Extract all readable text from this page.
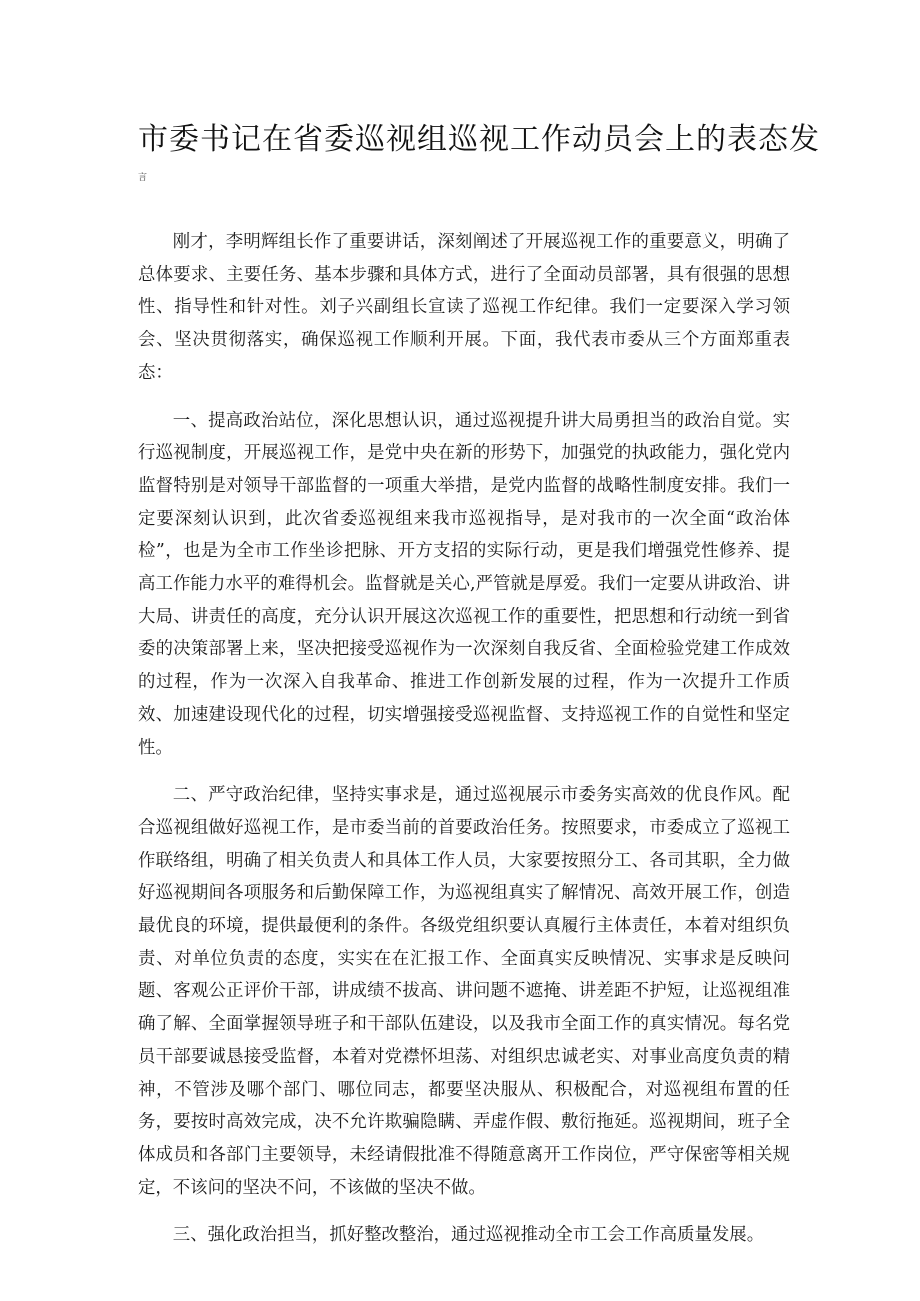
市委书记在省委巡视组巡视工作动员会上的表态发
言

刚才，李明辉组长作了重要讲话，深刻阐述了开展巡视工作的重要意义，明确了总体要求、主要任务、基本步骤和具体方式，进行了全面动员部署，具有很强的思想性、指导性和针对性。刘子兴副组长宣读了巡视工作纪律。我们一定要深入学习领会、坚决贯彻落实，确保巡视工作顺利开展。下面，我代表市委从三个方面郑重表态：

一、提高政治站位，深化思想认识，通过巡视提升讲大局勇担当的政治自觉。实行巡视制度，开展巡视工作，是党中央在新的形势下，加强党的执政能力，强化党内监督特别是对领导干部监督的一项重大举措，是党内监督的战略性制度安排。我们一定要深刻认识到，此次省委巡视组来我市巡视指导，是对我市的一次全面“政治体检”，也是为全市工作坐诊把脉、开方支招的实际行动，更是我们增强党性修养、提高工作能力水平的难得机会。监督就是关心,严管就是厚爱。我们一定要从讲政治、讲大局、讲责任的高度，充分认识开展这次巡视工作的重要性，把思想和行动统一到省委的决策部署上来，坚决把接受巡视作为一次深刻自我反省、全面检验党建工作成效的过程，作为一次深入自我革命、推进工作创新发展的过程，作为一次提升工作质效、加速建设现代化的过程，切实增强接受巡视监督、支持巡视工作的自觉性和坚定性。

二、严守政治纪律，坚持实事求是，通过巡视展示市委务实高效的优良作风。配合巡视组做好巡视工作，是市委当前的首要政治任务。按照要求，市委成立了巡视工作联络组，明确了相关负责人和具体工作人员，大家要按照分工、各司其职，全力做好巡视期间各项服务和后勤保障工作，为巡视组真实了解情况、高效开展工作，创造最优良的环境，提供最便利的条件。各级党组织要认真履行主体责任，本着对组织负责、对单位负责的态度，实实在在汇报工作、全面真实反映情况、实事求是反映问题、客观公正评价干部，讲成绩不拔高、讲问题不遮掩、讲差距不护短，让巡视组准确了解、全面掌握领导班子和干部队伍建设，以及我市全面工作的真实情况。每名党员干部要诚恳接受监督，本着对党襟怀坦荡、对组织忠诚老实、对事业高度负责的精神，不管涉及哪个部门、哪位同志，都要坚决服从、积极配合，对巡视组布置的任务，要按时高效完成，决不允许欺骗隐瞒、弄虚作假、敷衍拖延。巡视期间，班子全体成员和各部门主要领导，未经请假批准不得随意离开工作岗位，严守保密等相关规定，不该问的坚决不问，不该做的坚决不做。

三、强化政治担当，抓好整改整治，通过巡视推动全市工会工作高质量发展。
